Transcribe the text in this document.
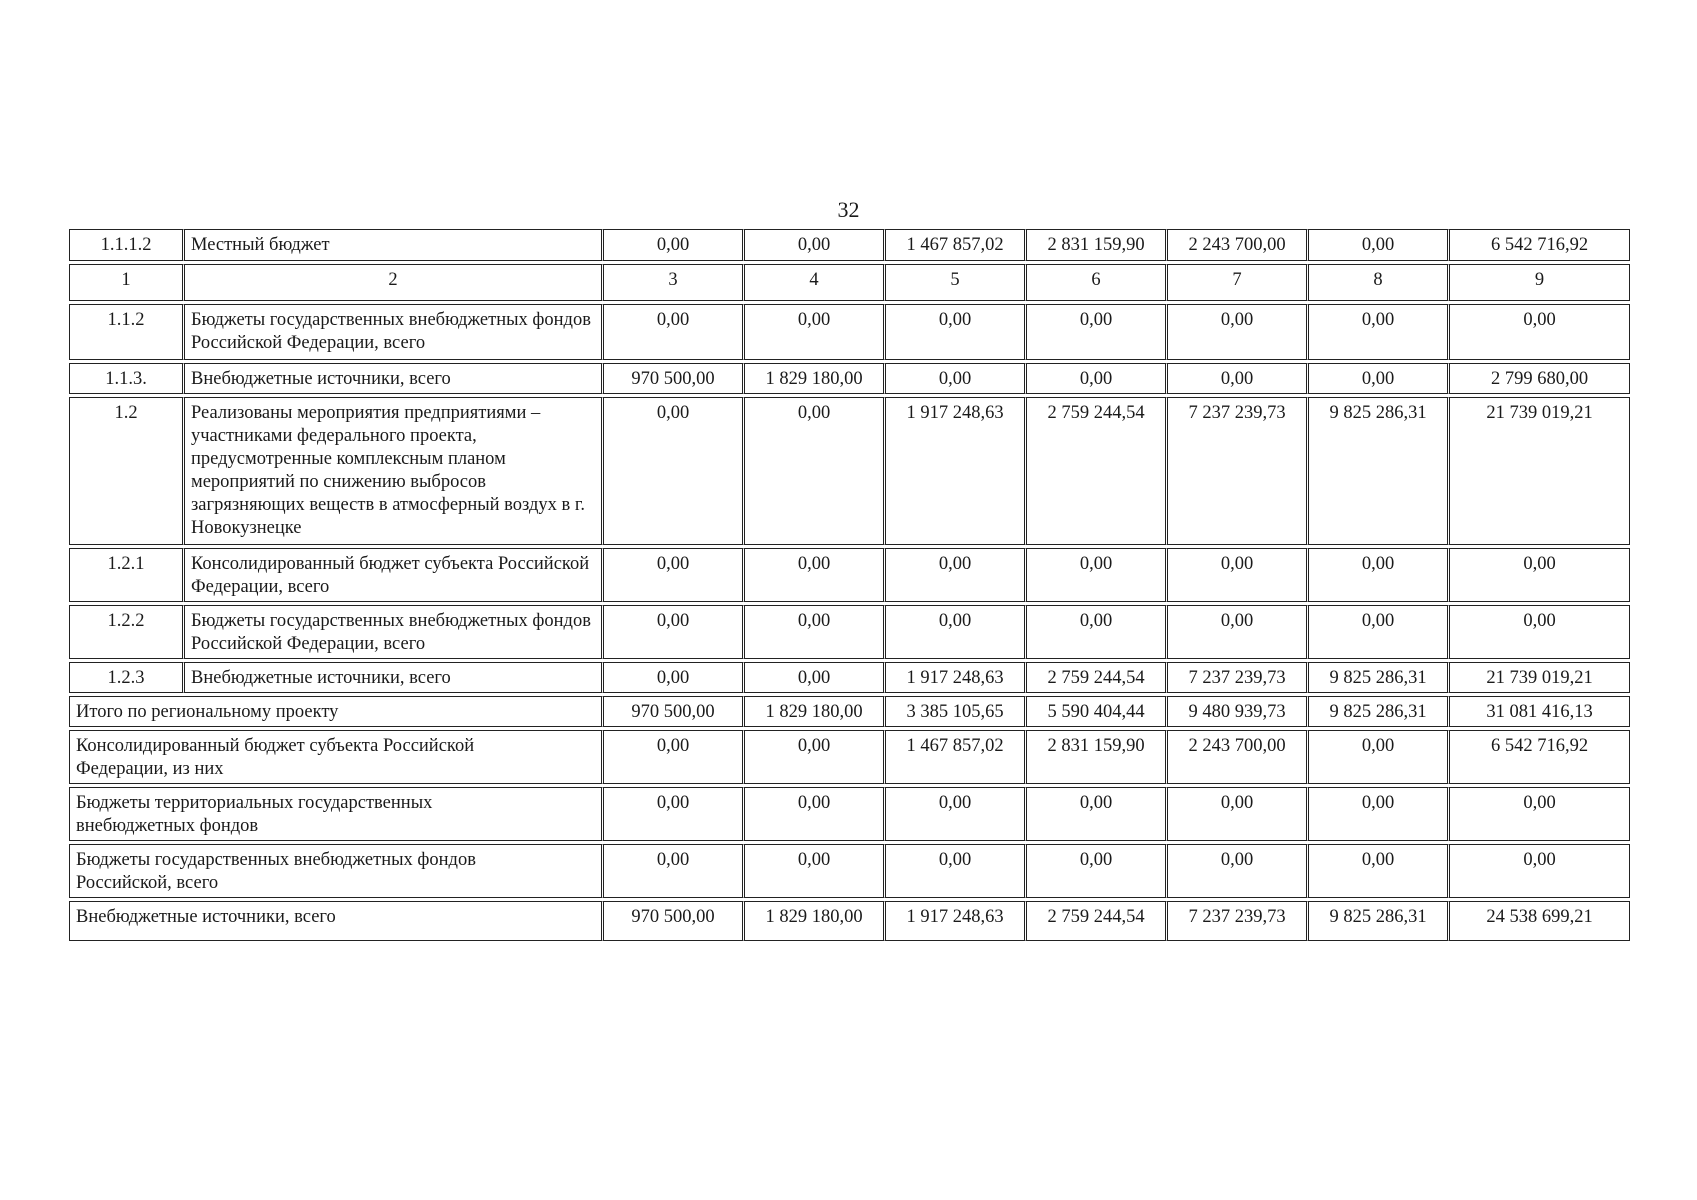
32
1.1.1.2	Местный бюджет	0,00	0,00	1 467 857,02	2 831 159,90	2 243 700,00	0,00	6 542 716,92
1	2	3	4	5	6	7	8	9
1.1.2	Бюджеты государственных внебюджетных фондов Российской Федерации, всего	0,00	0,00	0,00	0,00	0,00	0,00	0,00
1.1.3.	Внебюджетные источники, всего	970 500,00	1 829 180,00	0,00	0,00	0,00	0,00	2 799 680,00
1.2	Реализованы мероприятия предприятиями – участниками федерального проекта, предусмотренные комплексным планом мероприятий по снижению выбросов загрязняющих веществ в атмосферный воздух в г. Новокузнецке	0,00	0,00	1 917 248,63	2 759 244,54	7 237 239,73	9 825 286,31	21 739 019,21
1.2.1	Консолидированный бюджет субъекта Российской Федерации, всего	0,00	0,00	0,00	0,00	0,00	0,00	0,00
1.2.2	Бюджеты государственных внебюджетных фондов Российской Федерации, всего	0,00	0,00	0,00	0,00	0,00	0,00	0,00
1.2.3	Внебюджетные источники, всего	0,00	0,00	1 917 248,63	2 759 244,54	7 237 239,73	9 825 286,31	21 739 019,21
Итого по региональному проекту		970 500,00	1 829 180,00	3 385 105,65	5 590 404,44	9 480 939,73	9 825 286,31	31 081 416,13

Консолидированный бюджет субъекта Российской Федерации, из них		0,00	0,00	1 467 857,02	2 831 159,90	2 243 700,00	0,00	6 542 716,92

Бюджеты территориальных государственных внебюджетных фондов		0,00	0,00	0,00	0,00	0,00	0,00	0,00

Бюджеты государственных внебюджетных фондов Российской, всего		0,00	0,00	0,00	0,00	0,00	0,00	0,00
Внебюджетные источники, всего		970 500,00	1 829 180,00	1 917 248,63	2 759 244,54	7 237 239,73	9 825 286,31	24 538 699,21
